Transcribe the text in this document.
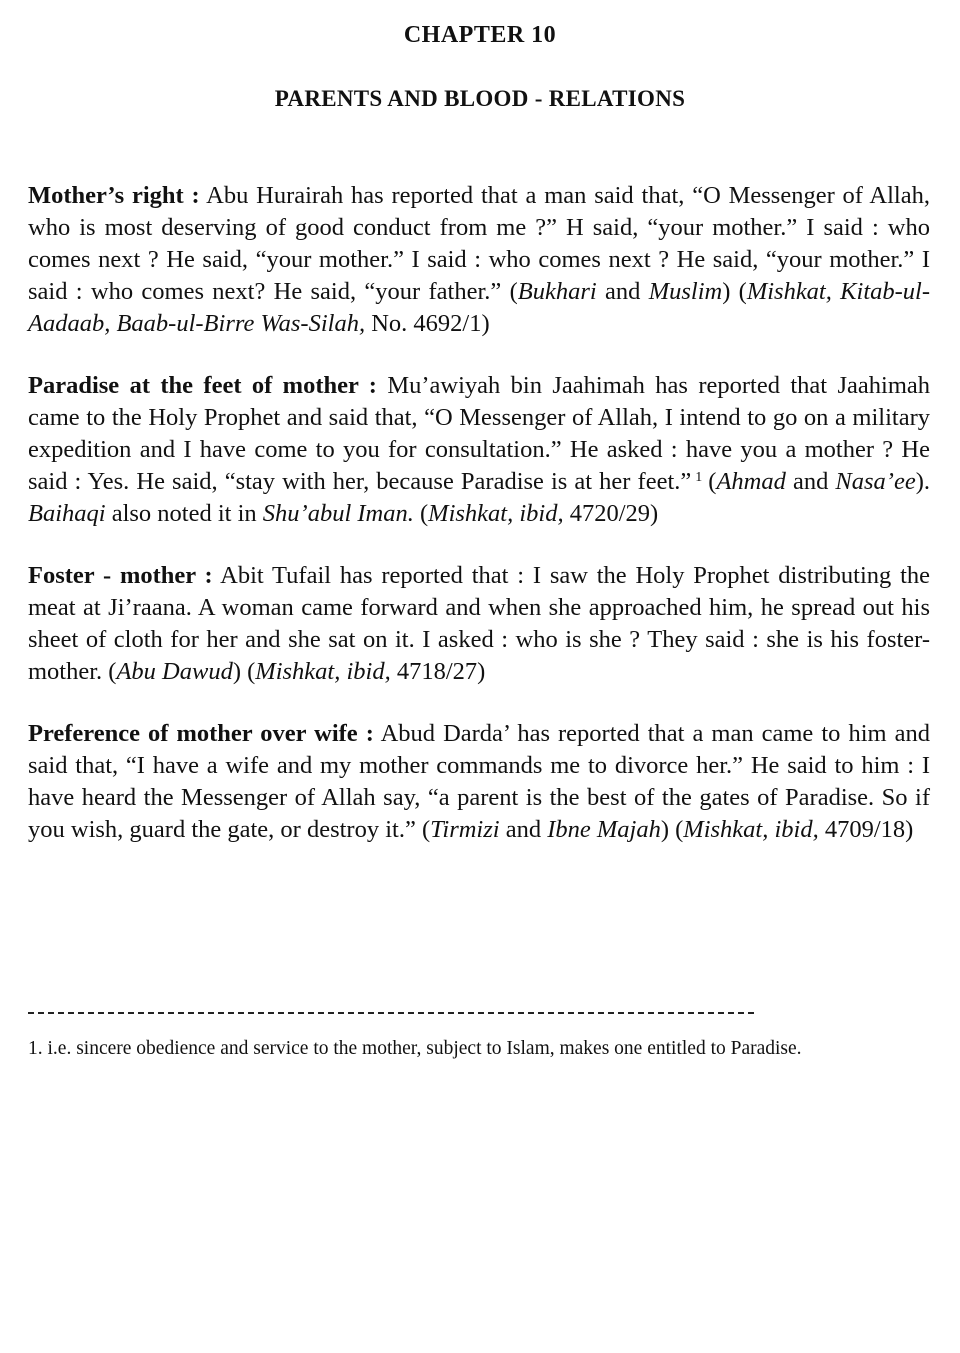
CHAPTER 10
PARENTS AND BLOOD - RELATIONS

Mother’s right : Abu Hurairah has reported that a man said that, “O Messenger of Allah, who is most deserving of good conduct from me ?” H said, “your mother.” I said : who comes next ? He said, “your mother.” I said : who comes next ? He said, “your mother.” I said : who comes next? He said, “your father.” (Bukhari and Muslim) (Mishkat, Kitab-ul-Aadaab, Baab-ul-Birre Was-Silah, No. 4692/1)

Paradise at the feet of mother : Mu’awiyah bin Jaahimah has reported that Jaahimah came to the Holy Prophet and said that, “O Messenger of Allah, I intend to go on a military expedition and I have come to you for consultation.” He asked : have you a mother ? He said : Yes. He said, “stay with her, because Paradise is at her feet.” $^1$ (Ahmad and Nasa’ee). Baihaqi also noted it in Shu’abul Iman. (Mishkat, ibid, 4720/29)

Foster - mother : Abit Tufail has reported that : I saw the Holy Prophet distributing the meat at Ji’raana. A woman came forward and when she approached him, he spread out his sheet of cloth for her and she sat on it. I asked : who is she ? They said : she is his foster-mother. (Abu Dawud) (Mishkat, ibid, 4718/27)

Preference of mother over wife : Abud Darda’ has reported that a man came to him and said that, “I have a wife and my mother commands me to divorce her.” He said to him : I have heard the Messenger of Allah say, “a parent is the best of the gates of Paradise. So if you wish, guard the gate, or destroy it.” (Tirmizi and Ibne Majah) (Mishkat, ibid, 4709/18)

1. i.e. sincere obedience and service to the mother, subject to Islam, makes one entitled to Paradise.
